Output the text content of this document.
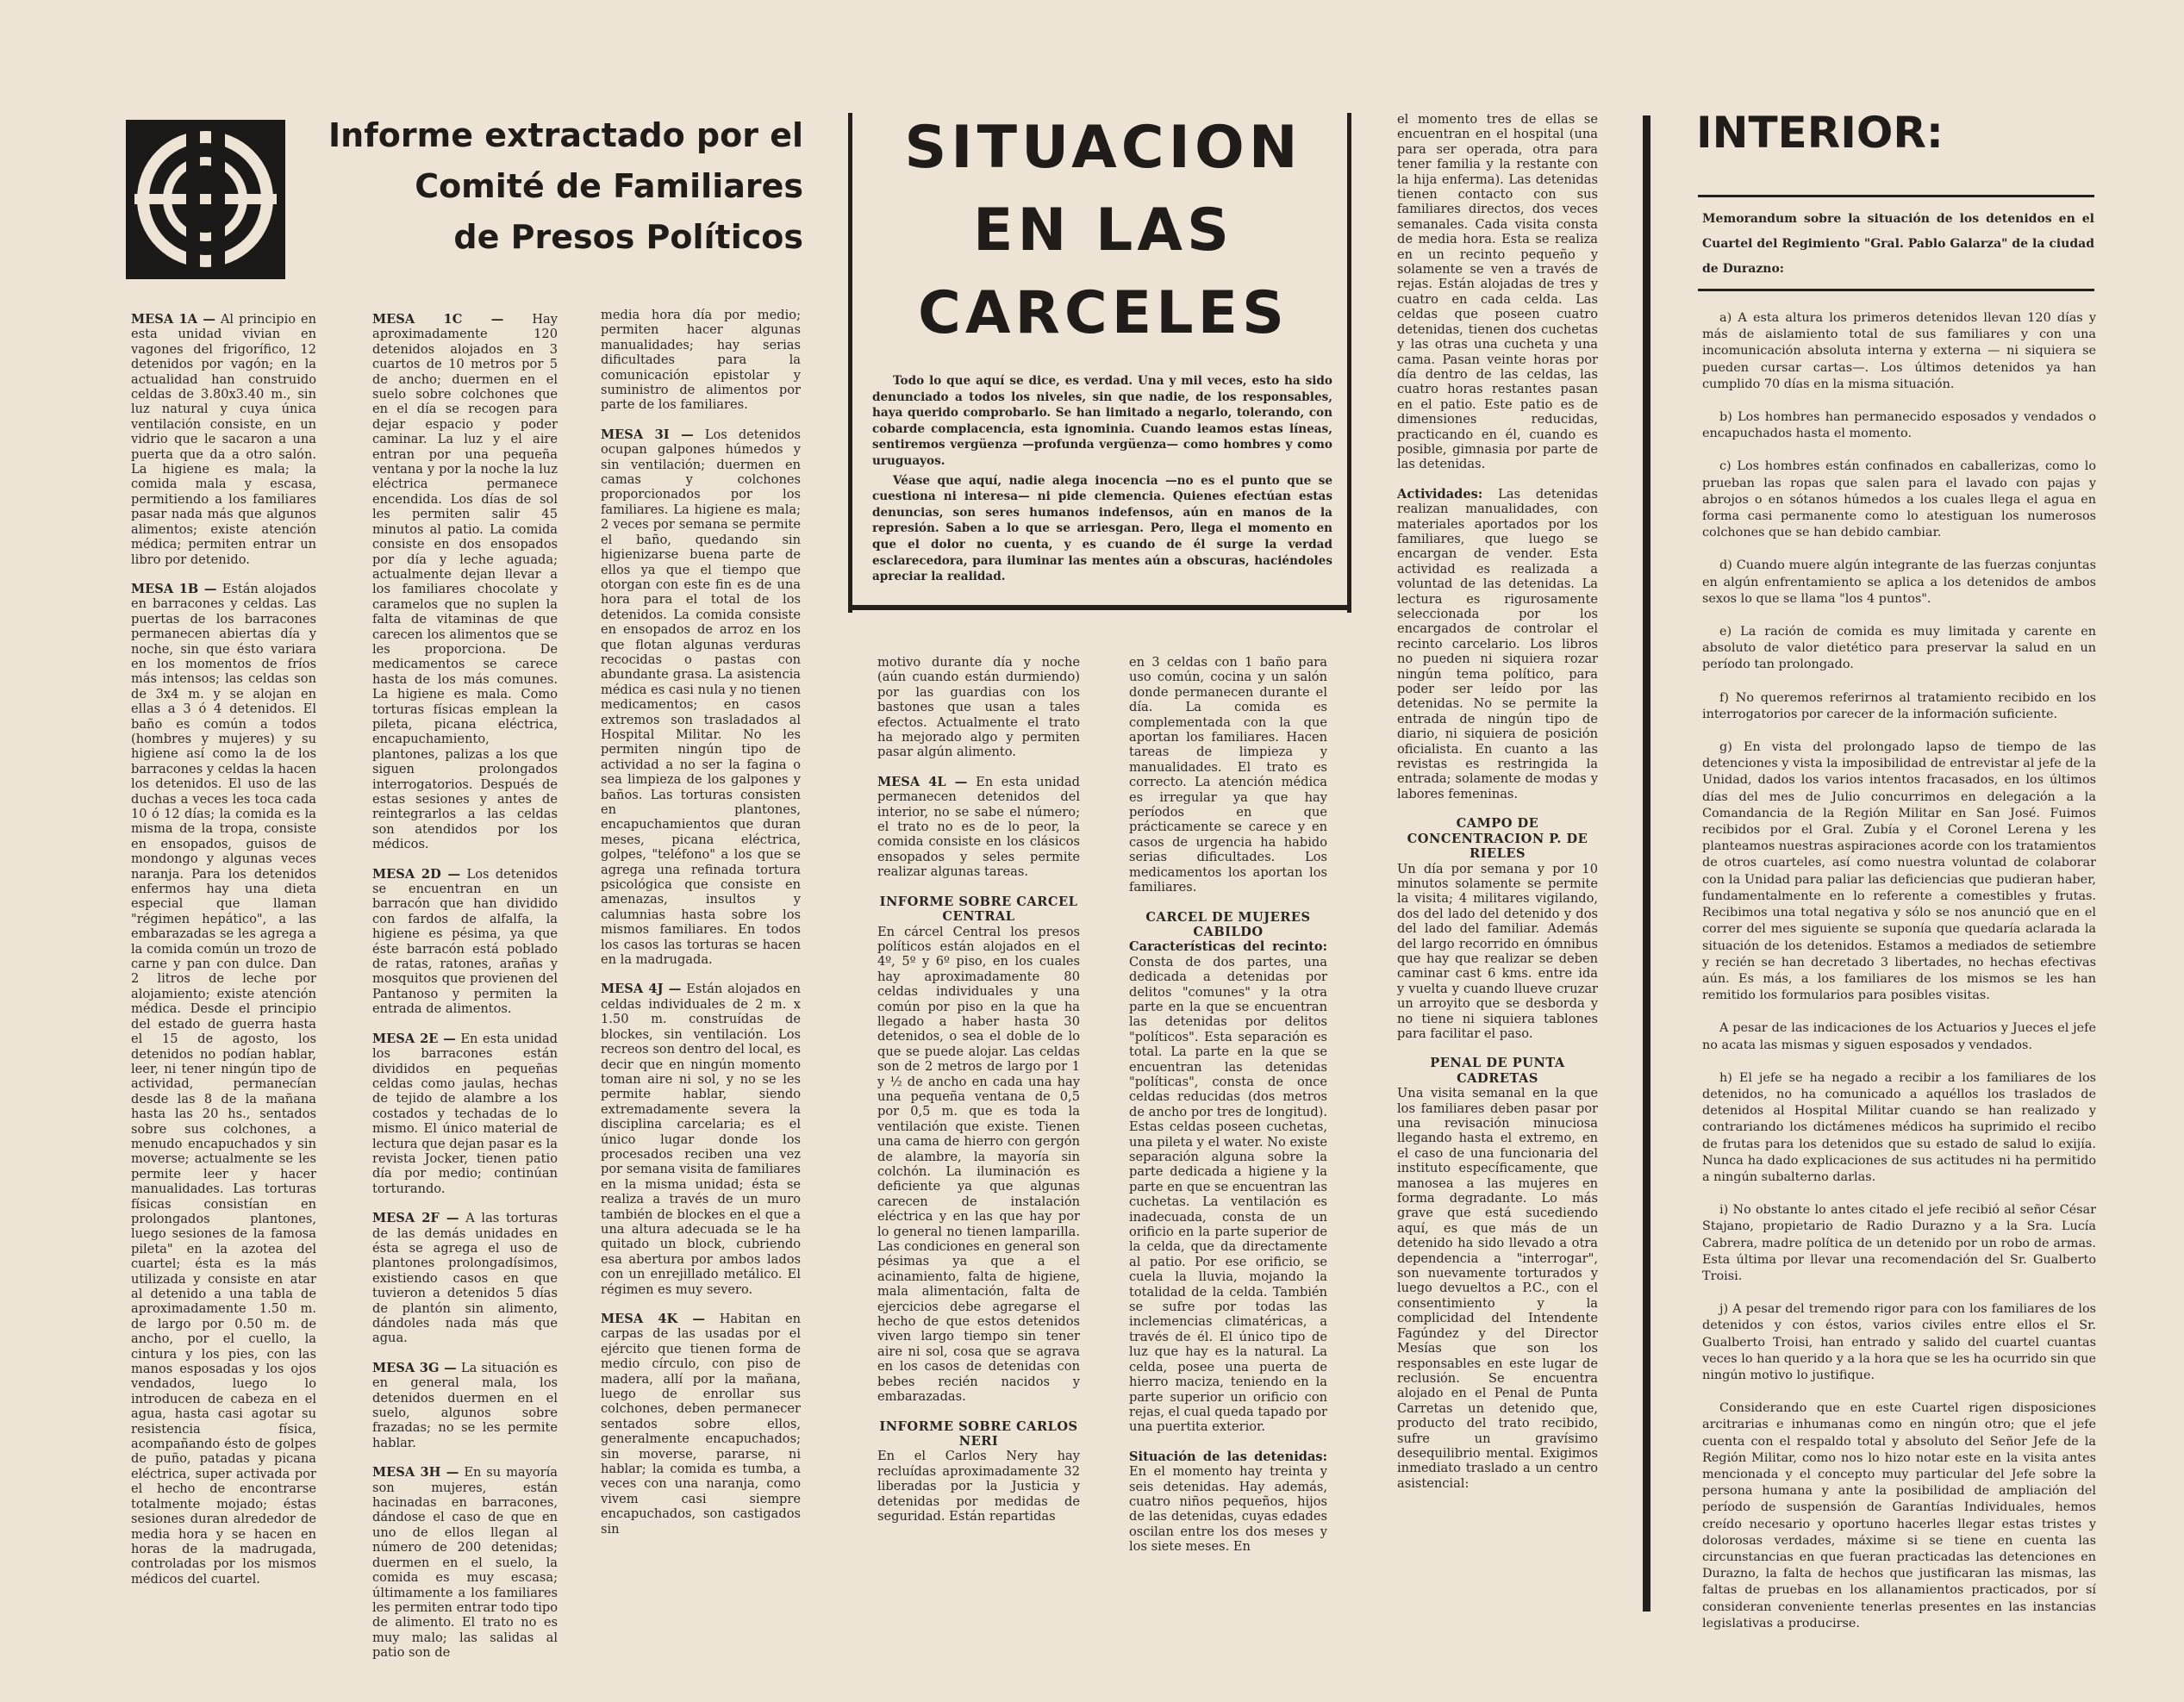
Informe extractado por el
Comité de Familiares
de Presos Políticos

MESA 1A — Al principio en esta unidad vivian en vagones del frigorífico, 12 detenidos por vagón; en la actualidad han construido celdas de 3.80x3.40 m., sin luz natural y cuya única ventilación consiste, en un vidrio que le sacaron a una puerta que da a otro salón. La higiene es mala; la comida mala y escasa, permitiendo a los familiares pasar nada más que algunos alimentos; existe atención médica; permiten entrar un libro por detenido.

MESA 1B — Están alojados en barracones y celdas. Las puertas de los barracones permanecen abiertas día y noche, sin que ésto variara en los momentos de fríos más intensos; las celdas son de 3x4 m. y se alojan en ellas a 3 ó 4 detenidos. El baño es común a todos (hombres y mujeres) y su higiene así como la de los barracones y celdas la hacen los detenidos. El uso de las duchas a veces les toca cada 10 ó 12 días; la comida es la misma de la tropa, consiste en ensopados, guisos de mondongo y algunas veces naranja. Para los detenidos enfermos hay una dieta especial que llaman "régimen hepático", a las embarazadas se les agrega a la comida común un trozo de carne y pan con dulce. Dan 2 litros de leche por alojamiento; existe atención médica. Desde el principio del estado de guerra hasta el 15 de agosto, los detenidos no podían hablar, leer, ni tener ningún tipo de actividad, permanecían desde las 8 de la mañana hasta las 20 hs., sentados sobre sus colchones, a menudo encapuchados y sin moverse; actualmente se les permite leer y hacer manualidades. Las torturas físicas consistían en prolongados plantones, luego sesiones de la famosa pileta" en la azotea del cuartel; ésta es la más utilizada y consiste en atar al detenido a una tabla de aproximadamente 1.50 m. de largo por 0.50 m. de ancho, por el cuello, la cintura y los pies, con las manos esposadas y los ojos vendados, luego lo introducen de cabeza en el agua, hasta casi agotar su resistencia física, acompañando ésto de golpes de puño, patadas y picana eléctrica, super activada por el hecho de encontrarse totalmente mojado; éstas sesiones duran alrededor de media hora y se hacen en horas de la madrugada, controladas por los mismos médicos del cuartel.

MESA 1C — Hay aproximadamente 120 detenidos alojados en 3 cuartos de 10 metros por 5 de ancho; duermen en el suelo sobre colchones que en el día se recogen para dejar espacio y poder caminar. La luz y el aire entran por una pequeña ventana y por la noche la luz eléctrica permanece encendida. Los días de sol les permiten salir 45 minutos al patio. La comida consiste en dos ensopados por día y leche aguada; actualmente dejan llevar a los familiares chocolate y caramelos que no suplen la falta de vitaminas de que carecen los alimentos que se les proporciona. De medicamentos se carece hasta de los más comunes. La higiene es mala. Como torturas físicas emplean la pileta, picana eléctrica, encapuchamiento, plantones, palizas a los que siguen prolongados interrogatorios. Después de estas sesiones y antes de reintegrarlos a las celdas son atendidos por los médicos.

MESA 2D — Los detenidos se encuentran en un barracón que han dividido con fardos de alfalfa, la higiene es pésima, ya que éste barracón está poblado de ratas, ratones, arañas y mosquitos que provienen del Pantanoso y permiten la entrada de alimentos.

MESA 2E — En esta unidad los barracones están divididos en pequeñas celdas como jaulas, hechas de tejido de alambre a los costados y techadas de lo mismo. El único material de lectura que dejan pasar es la revista Jocker, tienen patio día por medio; continúan torturando.

MESA 2F — A las torturas de las demás unidades en ésta se agrega el uso de plantones prolongadísimos, existiendo casos en que tuvieron a detenidos 5 días de plantón sin alimento, dándoles nada más que agua.

MESA 3G — La situación es en general mala, los detenidos duermen en el suelo, algunos sobre frazadas; no se les permite hablar.

MESA 3H — En su mayoría son mujeres, están hacinadas en barracones, dándose el caso de que en uno de ellos llegan al número de 200 detenidas; duermen en el suelo, la comida es muy escasa; últimamente a los familiares les permiten entrar todo tipo de alimento. El trato no es muy malo; las salidas al patio son de

media hora día por medio; permiten hacer algunas manualidades; hay serias dificultades para la comunicación epistolar y suministro de alimentos por parte de los familiares.

MESA 3I — Los detenidos ocupan galpones húmedos y sin ventilación; duermen en camas y colchones proporcionados por los familiares. La higiene es mala; 2 veces por semana se permite el baño, quedando sin higienizarse buena parte de ellos ya que el tiempo que otorgan con este fin es de una hora para el total de los detenidos. La comida consiste en ensopados de arroz en los que flotan algunas verduras recocidas o pastas con abundante grasa. La asistencia médica es casi nula y no tienen medicamentos; en casos extremos son trasladados al Hospital Militar. No les permiten ningún tipo de actividad a no ser la fagina o sea limpieza de los galpones y baños. Las torturas consisten en plantones, encapuchamientos que duran meses, picana eléctrica, golpes, "teléfono" a los que se agrega una refinada tortura psicológica que consiste en amenazas, insultos y calumnias hasta sobre los mismos familiares. En todos los casos las torturas se hacen en la madrugada.

MESA 4J — Están alojados en celdas individuales de 2 m. x 1.50 m. construídas de blockes, sin ventilación. Los recreos son dentro del local, es decir que en ningún momento toman aire ni sol, y no se les permite hablar, siendo extremadamente severa la disciplina carcelaria; es el único lugar donde los procesados reciben una vez por semana visita de familiares en la misma unidad; ésta se realiza a través de un muro también de blockes en el que a una altura adecuada se le ha quitado un block, cubriendo esa abertura por ambos lados con un enrejillado metálico. El régimen es muy severo.

MESA 4K — Habitan en carpas de las usadas por el ejército que tienen forma de medio círculo, con piso de madera, allí por la mañana, luego de enrollar sus colchones, deben permanecer sentados sobre ellos, generalmente encapuchados; sin moverse, pararse, ni hablar; la comida es tumba, a veces con una naranja, como vivem casi siempre encapuchados, son castigados sin

SITUACION
EN LAS
CARCELES

Todo lo que aquí se dice, es verdad. Una y mil veces, esto ha sido denunciado a todos los niveles, sin que nadie, de los responsables, haya querido comprobarlo. Se han limitado a negarlo, tolerando, con cobarde complacencia, esta ignominia. Cuando leamos estas líneas, sentiremos vergüenza —profunda vergüenza— como hombres y como uruguayos.

Véase que aquí, nadie alega inocencia —no es el punto que se cuestiona ni interesa— ni pide clemencia. Quienes efectúan estas denuncias, son seres humanos indefensos, aún en manos de la represión. Saben a lo que se arriesgan. Pero, llega el momento en que el dolor no cuenta, y es cuando de él surge la verdad esclarecedora, para iluminar las mentes aún a obscuras, haciéndoles apreciar la realidad.

motivo durante día y noche (aún cuando están durmiendo) por las guardias con los bastones que usan a tales efectos. Actualmente el trato ha mejorado algo y permiten pasar algún alimento.

MESA 4L — En esta unidad permanecen detenidos del interior, no se sabe el número; el trato no es de lo peor, la comida consiste en los clásicos ensopados y seles permite realizar algunas tareas.

INFORME SOBRE CARCEL CENTRAL

En cárcel Central los presos políticos están alojados en el 4º, 5º y 6º piso, en los cuales hay aproximadamente 80 celdas individuales y una común por piso en la que ha llegado a haber hasta 30 detenidos, o sea el doble de lo que se puede alojar. Las celdas son de 2 metros de largo por 1 y ½ de ancho en cada una hay una pequeña ventana de 0,5 por 0,5 m. que es toda la ventilación que existe. Tienen una cama de hierro con gergón de alambre, la mayoría sin colchón. La iluminación es deficiente ya que algunas carecen de instalación eléctrica y en las que hay por lo general no tienen lamparilla. Las condiciones en general son pésimas ya que a el acinamiento, falta de higiene, mala alimentación, falta de ejercicios debe agregarse el hecho de que estos detenidos viven largo tiempo sin tener aire ni sol, cosa que se agrava en los casos de detenidas con bebes recién nacidos y embarazadas.

INFORME SOBRE CARLOS NERI

En el Carlos Nery hay recluídas aproximadamente 32 liberadas por la Justicia y detenidas por medidas de seguridad. Están repartidas

en 3 celdas con 1 baño para uso común, cocina y un salón donde permanecen durante el día. La comida es complementada con la que aportan los familiares. Hacen tareas de limpieza y manualidades. El trato es correcto. La atención médica es irregular ya que hay períodos en que prácticamente se carece y en casos de urgencia ha habido serias dificultades. Los medicamentos los aportan los familiares.

CARCEL DE MUJERES CABILDO

Características del recinto: Consta de dos partes, una dedicada a detenidas por delitos "comunes" y la otra parte en la que se encuentran las detenidas por delitos "políticos". Esta separación es total. La parte en la que se encuentran las detenidas "políticas", consta de once celdas reducidas (dos metros de ancho por tres de longitud). Estas celdas poseen cuchetas, una pileta y el water. No existe separación alguna sobre la parte dedicada a higiene y la parte en que se encuentran las cuchetas. La ventilación es inadecuada, consta de un orificio en la parte superior de la celda, que da directamente al patio. Por ese orificio, se cuela la lluvia, mojando la totalidad de la celda. También se sufre por todas las inclemencias climatéricas, a través de él. El único tipo de luz que hay es la natural. La celda, posee una puerta de hierro maciza, teniendo en la parte superior un orificio con rejas, el cual queda tapado por una puertita exterior.

Situación de las detenidas: En el momento hay treinta y seis detenidas. Hay además, cuatro niños pequeños, hijos de las detenidas, cuyas edades oscilan entre los dos meses y los siete meses. En

el momento tres de ellas se encuentran en el hospital (una para ser operada, otra para tener familia y la restante con la hija enferma). Las detenidas tienen contacto con sus familiares directos, dos veces semanales. Cada visita consta de media hora. Esta se realiza en un recinto pequeño y solamente se ven a través de rejas. Están alojadas de tres y cuatro en cada celda. Las celdas que poseen cuatro detenidas, tienen dos cuchetas y las otras una cucheta y una cama. Pasan veinte horas por día dentro de las celdas, las cuatro horas restantes pasan en el patio. Este patio es de dimensiones reducidas, practicando en él, cuando es posible, gimnasia por parte de las detenidas.

Actividades: Las detenidas realizan manualidades, con materiales aportados por los familiares, que luego se encargan de vender. Esta actividad es realizada a voluntad de las detenidas. La lectura es rigurosamente seleccionada por los encargados de controlar el recinto carcelario. Los libros no pueden ni siquiera rozar ningún tema político, para poder ser leído por las detenidas. No se permite la entrada de ningún tipo de diario, ni siquiera de posición oficialista. En cuanto a las revistas es restringida la entrada; solamente de modas y labores femeninas.

CAMPO DE CONCENTRACION P. DE RIELES

Un día por semana y por 10 minutos solamente se permite la visita; 4 militares vigilando, dos del lado del detenido y dos del lado del familiar. Además del largo recorrido en ómnibus que hay que realizar se deben caminar cast 6 kms. entre ida y vuelta y cuando llueve cruzar un arroyito que se desborda y no tiene ni siquiera tablones para facilitar el paso.

PENAL DE PUNTA CADRETAS

Una visita semanal en la que los familiares deben pasar por una revisación minuciosa llegando hasta el extremo, en el caso de una funcionaria del instituto específicamente, que manosea a las mujeres en forma degradante. Lo más grave que está sucediendo aquí, es que más de un detenido ha sido llevado a otra dependencia a "interrogar", son nuevamente torturados y luego devueltos a P.C., con el consentimiento y la complicidad del Intendente Fagúndez y del Director Mesías que son los responsables en este lugar de reclusión. Se encuentra alojado en el Penal de Punta Carretas un detenido que, producto del trato recibido, sufre un gravísimo desequilibrio mental. Exigimos inmediato traslado a un centro asistencial:

INTERIOR:
Memorandum sobre la situación de los detenidos en el Cuartel del Regimiento "Gral. Pablo Galarza" de la ciudad de Durazno:

a) A esta altura los primeros detenidos llevan 120 días y más de aislamiento total de sus familiares y con una incomunicación absoluta interna y externa — ni siquiera se pueden cursar cartas—. Los últimos detenidos ya han cumplido 70 días en la misma situación.

b) Los hombres han permanecido esposados y vendados o encapuchados hasta el momento.

c) Los hombres están confinados en caballerizas, como lo prueban las ropas que salen para el lavado con pajas y abrojos o en sótanos húmedos a los cuales llega el agua en forma casi permanente como lo atestiguan los numerosos colchones que se han debido cambiar.

d) Cuando muere algún integrante de las fuerzas conjuntas en algún enfrentamiento se aplica a los detenidos de ambos sexos lo que se llama "los 4 puntos".

e) La ración de comida es muy limitada y carente en absoluto de valor dietético para preservar la salud en un período tan prolongado.

f) No queremos referirnos al tratamiento recibido en los interrogatorios por carecer de la información suficiente.

g) En vista del prolongado lapso de tiempo de las detenciones y vista la imposibilidad de entrevistar al jefe de la Unidad, dados los varios intentos fracasados, en los últimos días del mes de Julio concurrimos en delegación a la Comandancia de la Región Militar en San José. Fuimos recibidos por el Gral. Zubía y el Coronel Lerena y les planteamos nuestras aspiraciones acorde con los tratamientos de otros cuarteles, así como nuestra voluntad de colaborar con la Unidad para paliar las deficiencias que pudieran haber, fundamentalmente en lo referente a comestibles y frutas. Recibimos una total negativa y sólo se nos anunció que en el correr del mes siguiente se suponía que quedaría aclarada la situación de los detenidos. Estamos a mediados de setiembre y recién se han decretado 3 libertades, no hechas efectivas aún. Es más, a los familiares de los mismos se les han remitido los formularios para posibles visitas.

A pesar de las indicaciones de los Actuarios y Jueces el jefe no acata las mismas y siguen esposados y vendados.

h) El jefe se ha negado a recibir a los familiares de los detenidos, no ha comunicado a aquéllos los traslados de detenidos al Hospital Militar cuando se han realizado y contrariando los dictámenes médicos ha suprimido el recibo de frutas para los detenidos que su estado de salud lo exijía. Nunca ha dado explicaciones de sus actitudes ni ha permitido a ningún subalterno darlas.

i) No obstante lo antes citado el jefe recibió al señor César Stajano, propietario de Radio Durazno y a la Sra. Lucía Cabrera, madre política de un detenido por un robo de armas. Esta última por llevar una recomendación del Sr. Gualberto Troisi.

j) A pesar del tremendo rigor para con los familiares de los detenidos y con éstos, varios civiles entre ellos el Sr. Gualberto Troisi, han entrado y salido del cuartel cuantas veces lo han querido y a la hora que se les ha ocurrido sin que ningún motivo lo justifique.

Considerando que en este Cuartel rigen disposiciones arcitrarias e inhumanas como en ningún otro; que el jefe cuenta con el respaldo total y absoluto del Señor Jefe de la Región Militar, como nos lo hizo notar este en la visita antes mencionada y el concepto muy particular del Jefe sobre la persona humana y ante la posibilidad de ampliación del período de suspensión de Garantías Individuales, hemos creído necesario y oportuno hacerles llegar estas tristes y dolorosas verdades, máxime si se tiene en cuenta las circunstancias en que fueran practicadas las detenciones en Durazno, la falta de hechos que justificaran las mismas, las faltas de pruebas en los allanamientos practicados, por sí consideran conveniente tenerlas presentes en las instancias legislativas a producirse.
